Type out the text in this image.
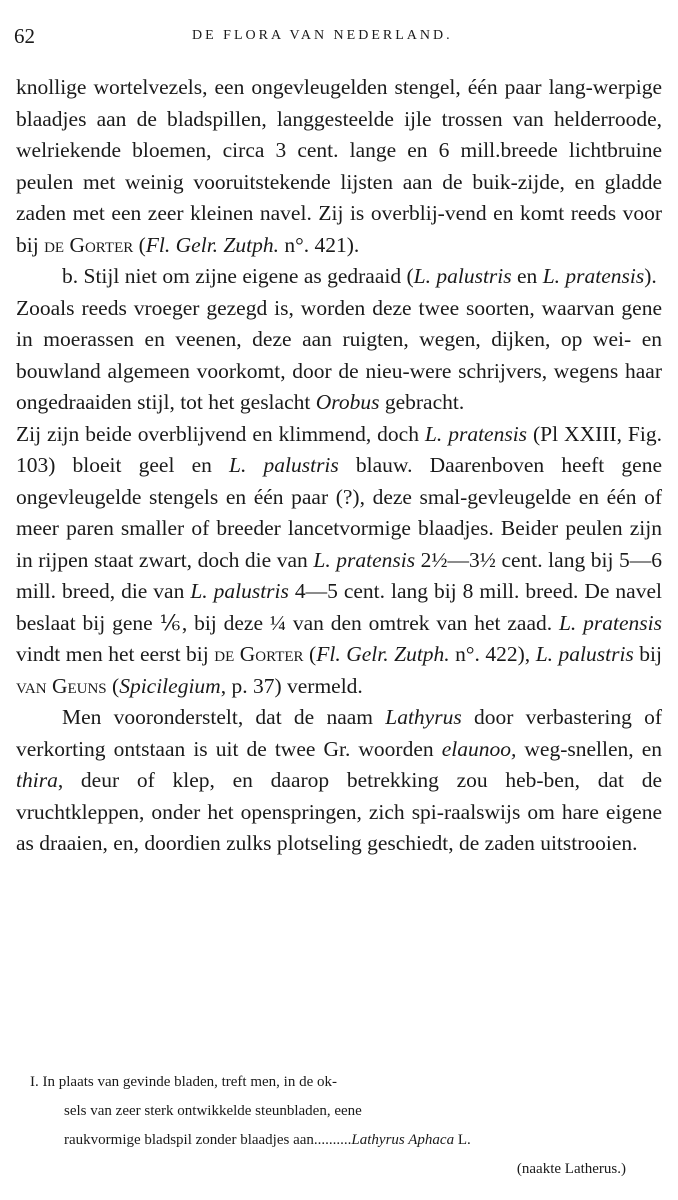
62	DE FLORA VAN NEDERLAND.

knollige wortelvezels, een ongevleugelden stengel, één paar lang-werpige blaadjes aan de bladspillen, langgesteelde ijle trossen van helderroode, welriekende bloemen, circa 3 cent. lange en 6 mill.breede lichtbruine peulen met weinig vooruitstekende lijsten aan de buik-zijde, en gladde zaden met een zeer kleinen navel. Zij is overblij-vend en komt reeds voor bij de Gorter (Fl. Gelr. Zutph. n°. 421).

b. Stijl niet om zijne eigene as gedraaid (L. palustris en L. pratensis).

Zooals reeds vroeger gezegd is, worden deze twee soorten, waarvan gene in moerassen en veenen, deze aan ruigten, wegen, dijken, op wei- en bouwland algemeen voorkomt, door de nieu-were schrijvers, wegens haar ongedraaiden stijl, tot het geslacht Orobus gebracht.

Zij zijn beide overblijvend en klimmend, doch L. pratensis (Pl XXIII, Fig. 103) bloeit geel en L. palustris blauw. Daarenboven heeft gene ongevleugelde stengels en één paar (?), deze smal-gevleugelde en één of meer paren smaller of breeder lancetvormige blaadjes. Beider peulen zijn in rijpen staat zwart, doch die van L. pratensis 2½—3½ cent. lang bij 5—6 mill. breed, die van L. palustris 4—5 cent. lang bij 8 mill. breed. De navel beslaat bij gene ⅙, bij deze ¼ van den omtrek van het zaad. L. pratensis vindt men het eerst bij de Gorter (Fl. Gelr. Zutph. n°. 422), L. palustris bij van Geuns (Spicilegium, p. 37) vermeld.

Men vooronderstelt, dat de naam Lathyrus door verbastering of verkorting ontstaan is uit de twee Gr. woorden elaunoo, weg-snellen, en thira, deur of klep, en daarop betrekking zou heb-ben, dat de vruchtkleppen, onder het openspringen, zich spi-raalswijs om hare eigene as draaien, en, doordien zulks plotseling geschiedt, de zaden uitstrooien.

I. In plaats van gevinde bladen, treft men, in de ok-

sels van zeer sterk ontwikkelde steunbladen, eene

raukvormige bladspil zonder blaadjes aan..........Lathyrus Aphaca L.

(naakte Latherus.)
